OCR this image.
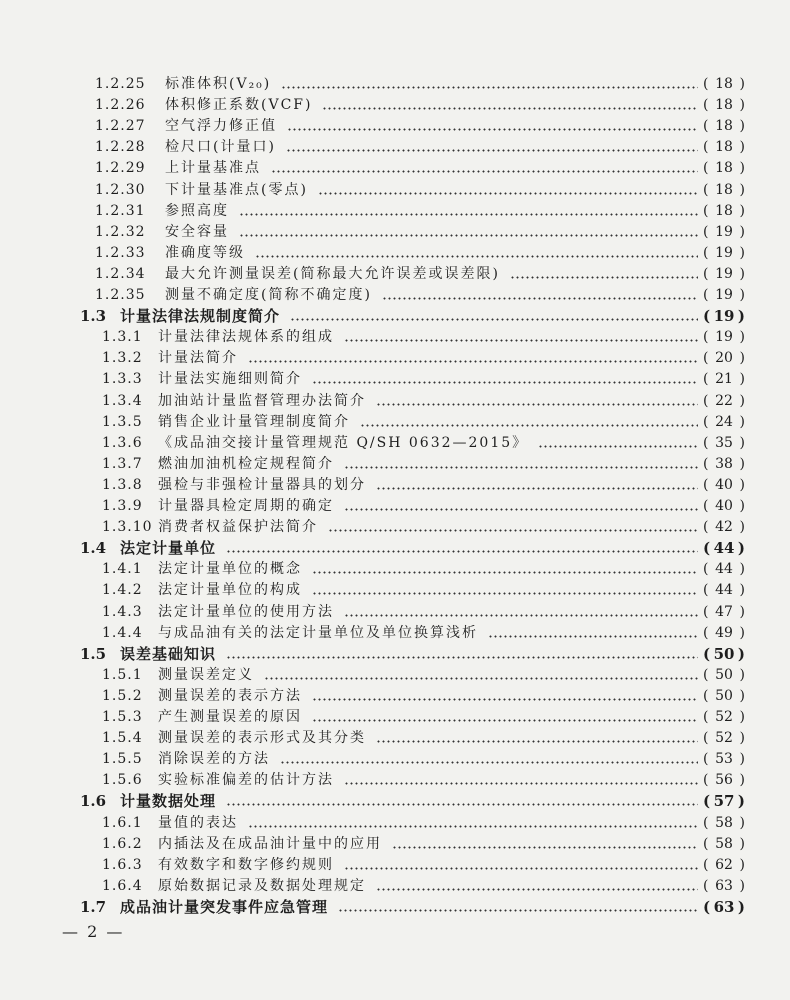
1.2.25 标准体积(V₂₀)	( 18 )
1.2.26 体积修正系数(VCF)	( 18 )
1.2.27 空气浮力修正值	( 18 )
1.2.28 检尺口(计量口)	( 18 )
1.2.29 上计量基准点	( 18 )
1.2.30 下计量基准点(零点)	( 18 )
1.2.31 参照高度	( 18 )
1.2.32 安全容量	( 19 )
1.2.33 准确度等级	( 19 )
1.2.34 最大允许测量误差(简称最大允许误差或误差限)	( 19 )
1.2.35 测量不确定度(简称不确定度)	( 19 )
1.3 计量法律法规制度简介	( 19 )
1.3.1 计量法律法规体系的组成	( 19 )
1.3.2 计量法简介	( 20 )
1.3.3 计量法实施细则简介	( 21 )
1.3.4 加油站计量监督管理办法简介	( 22 )
1.3.5 销售企业计量管理制度简介	( 24 )
1.3.6 《成品油交接计量管理规范 Q/SH 0632—2015》	( 35 )
1.3.7 燃油加油机检定规程简介	( 38 )
1.3.8 强检与非强检计量器具的划分	( 40 )
1.3.9 计量器具检定周期的确定	( 40 )
1.3.10 消费者权益保护法简介	( 42 )
1.4 法定计量单位	( 44 )
1.4.1 法定计量单位的概念	( 44 )
1.4.2 法定计量单位的构成	( 44 )
1.4.3 法定计量单位的使用方法	( 47 )
1.4.4 与成品油有关的法定计量单位及单位换算浅析	( 49 )
1.5 误差基础知识	( 50 )
1.5.1 测量误差定义	( 50 )
1.5.2 测量误差的表示方法	( 50 )
1.5.3 产生测量误差的原因	( 52 )
1.5.4 测量误差的表示形式及其分类	( 52 )
1.5.5 消除误差的方法	( 53 )
1.5.6 实验标准偏差的估计方法	( 56 )
1.6 计量数据处理	( 57 )
1.6.1 量值的表达	( 58 )
1.6.2 内插法及在成品油计量中的应用	( 58 )
1.6.3 有效数字和数字修约规则	( 62 )
1.6.4 原始数据记录及数据处理规定	( 63 )
1.7 成品油计量突发事件应急管理	( 63 )
— 2 —
